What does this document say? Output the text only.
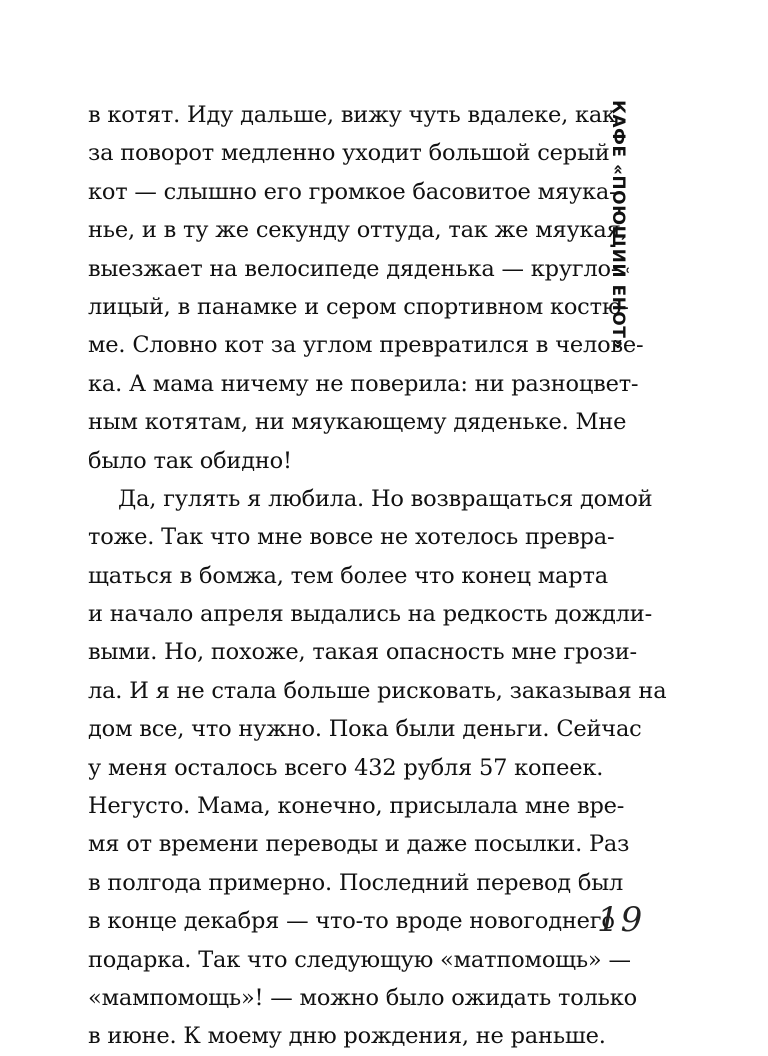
КАФЕ «ПОЮЩИЙ ЕНОТ»
в котят. Иду дальше, вижу чуть вдалеке, как
за поворот медленно уходит большой серый
кот — слышно его громкое басовитое мяука-
нье, и в ту же секунду оттуда, так же мяукая,
выезжает на велосипеде дяденька — кругло-
лицый, в панамке и сером спортивном костю-
ме. Словно кот за углом превратился в челове-
ка. А мама ничему не поверила: ни разноцвет-
ным котятам, ни мяукающему дяденьке. Мне
было так обидно!
Да, гулять я любила. Но возвращаться домой
тоже. Так что мне вовсе не хотелось превра-
щаться в бомжа, тем более что конец марта
и начало апреля выдались на редкость дождли-
выми. Но, похоже, такая опасность мне грози-
ла. И я не стала больше рисковать, заказывая на
дом все, что нужно. Пока были деньги. Сейчас
у меня осталось всего 432 рубля 57 копеек.
Негусто. Мама, конечно, присылала мне вре-
мя от времени переводы и даже посылки. Раз
в полгода примерно. Последний перевод был
в конце декабря — что-то вроде новогоднего
подарка. Так что следующую «матпомощь» —
«мампомощь»! — можно было ожидать только
в июне. К моему дню рождения, не раньше.
19
